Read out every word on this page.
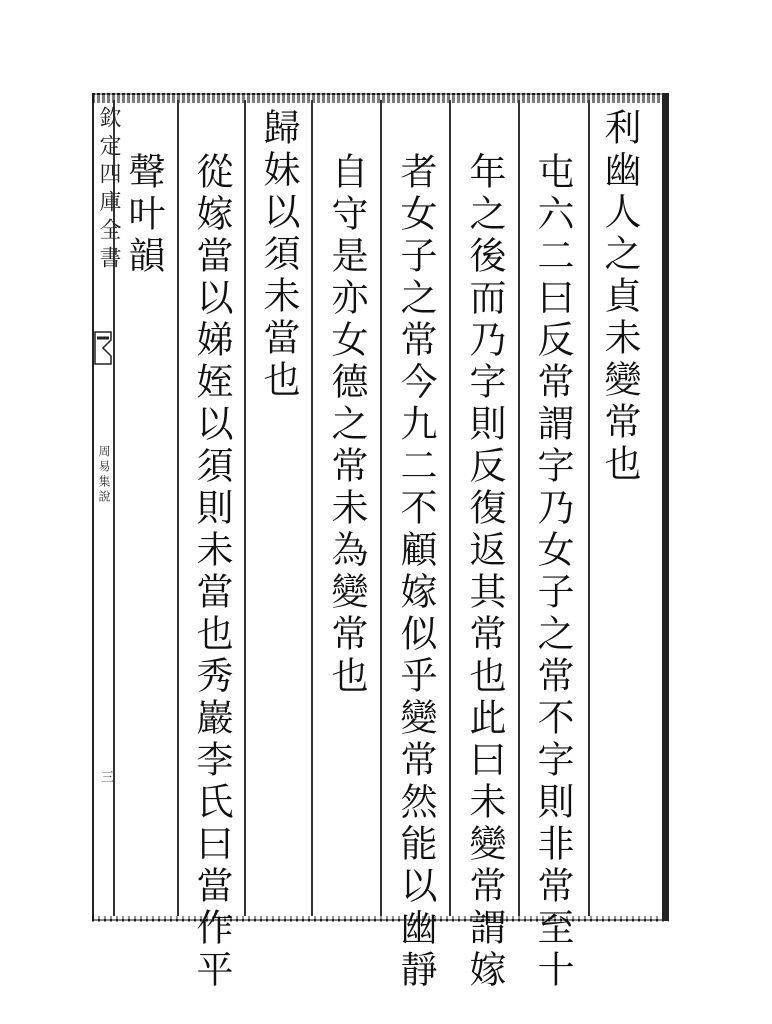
欽定四庫全書
周易集說
三
利幽人之貞未變常也
屯六二曰反常謂字乃女子之常不字則非常至十
年之後而乃字則反復返其常也此曰未變常謂嫁
者女子之常今九二不顧嫁似乎變常然能以幽靜
自守是亦女德之常未為變常也
歸妹以須未當也
從嫁當以娣姪以須則未當也秀巖李氏曰當作平
聲叶韻
